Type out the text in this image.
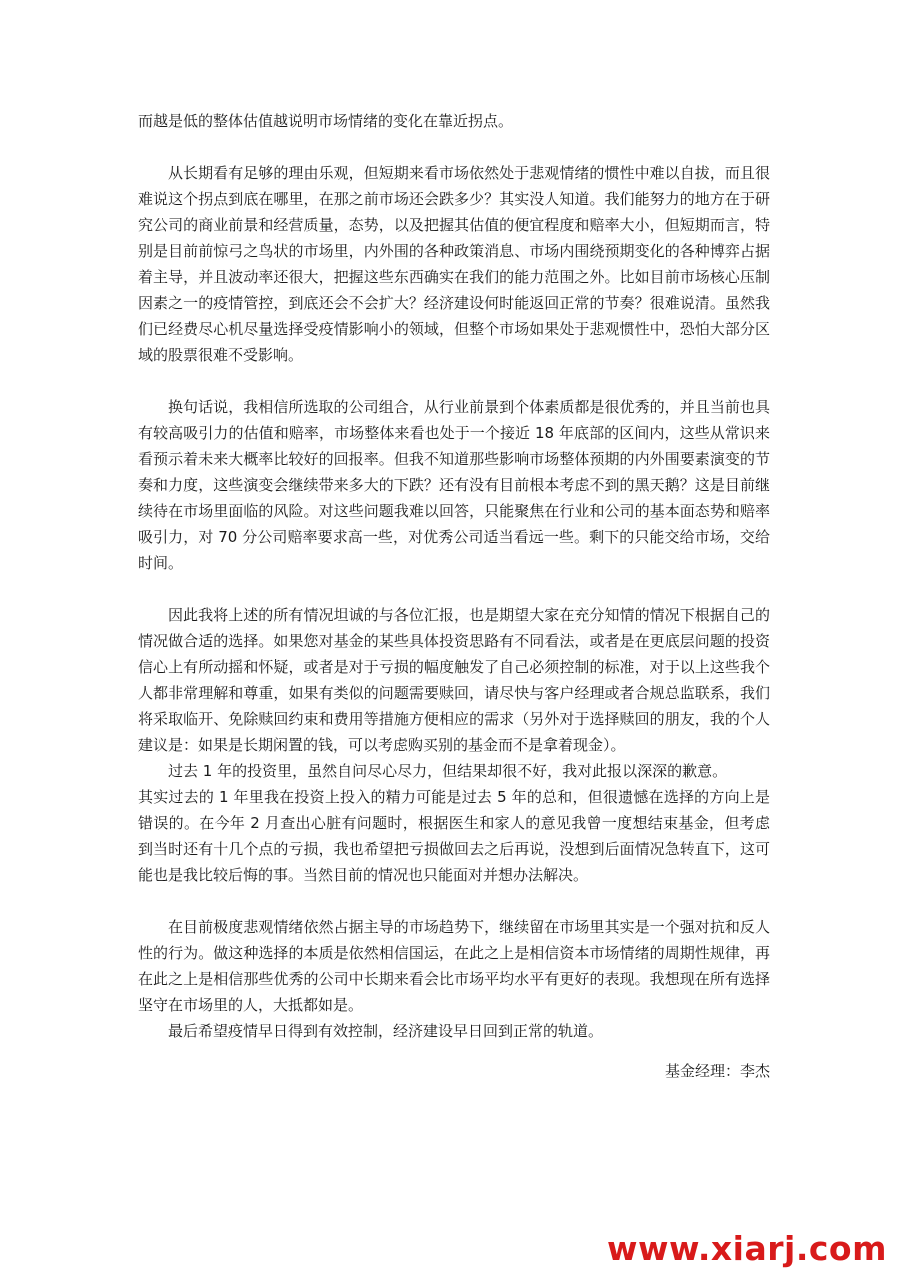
而越是低的整体估值越说明市场情绪的变化在靠近拐点。

从长期看有足够的理由乐观，但短期来看市场依然处于悲观情绪的惯性中难以自拔，而且很难说这个拐点到底在哪里，在那之前市场还会跌多少？其实没人知道。我们能努力的地方在于研究公司的商业前景和经营质量，态势，以及把握其估值的便宜程度和赔率大小，但短期而言，特别是目前前惊弓之鸟状的市场里，内外围的各种政策消息、市场内围绕预期变化的各种博弈占据着主导，并且波动率还很大，把握这些东西确实在我们的能力范围之外。比如目前市场核心压制因素之一的疫情管控，到底还会不会扩大？经济建设何时能返回正常的节奏？很难说清。虽然我们已经费尽心机尽量选择受疫情影响小的领域，但整个市场如果处于悲观惯性中，恐怕大部分区域的股票很难不受影响。

换句话说，我相信所选取的公司组合，从行业前景到个体素质都是很优秀的，并且当前也具有较高吸引力的估值和赔率，市场整体来看也处于一个接近 18 年底部的区间内，这些从常识来看预示着未来大概率比较好的回报率。但我不知道那些影响市场整体预期的内外围要素演变的节奏和力度，这些演变会继续带来多大的下跌？还有没有目前根本考虑不到的黑天鹅？这是目前继续待在市场里面临的风险。对这些问题我难以回答，只能聚焦在行业和公司的基本面态势和赔率吸引力，对 70 分公司赔率要求高一些，对优秀公司适当看远一些。剩下的只能交给市场，交给时间。

因此我将上述的所有情况坦诚的与各位汇报，也是期望大家在充分知情的情况下根据自己的情况做合适的选择。如果您对基金的某些具体投资思路有不同看法，或者是在更底层问题的投资信心上有所动摇和怀疑，或者是对于亏损的幅度触发了自己必须控制的标准，对于以上这些我个人都非常理解和尊重，如果有类似的问题需要赎回，请尽快与客户经理或者合规总监联系，我们将采取临开、免除赎回约束和费用等措施方便相应的需求（另外对于选择赎回的朋友，我的个人建议是：如果是长期闲置的钱，可以考虑购买别的基金而不是拿着现金）。

过去 1 年的投资里，虽然自问尽心尽力，但结果却很不好，我对此报以深深的歉意。

其实过去的 1 年里我在投资上投入的精力可能是过去 5 年的总和，但很遗憾在选择的方向上是错误的。在今年 2 月查出心脏有问题时，根据医生和家人的意见我曾一度想结束基金，但考虑到当时还有十几个点的亏损，我也希望把亏损做回去之后再说，没想到后面情况急转直下，这可能也是我比较后悔的事。当然目前的情况也只能面对并想办法解决。

在目前极度悲观情绪依然占据主导的市场趋势下，继续留在市场里其实是一个强对抗和反人性的行为。做这种选择的本质是依然相信国运，在此之上是相信资本市场情绪的周期性规律，再在此之上是相信那些优秀的公司中长期来看会比市场平均水平有更好的表现。我想现在所有选择坚守在市场里的人，大抵都如是。

最后希望疫情早日得到有效控制，经济建设早日回到正常的轨道。

基金经理：李杰

www.xiarj.com
